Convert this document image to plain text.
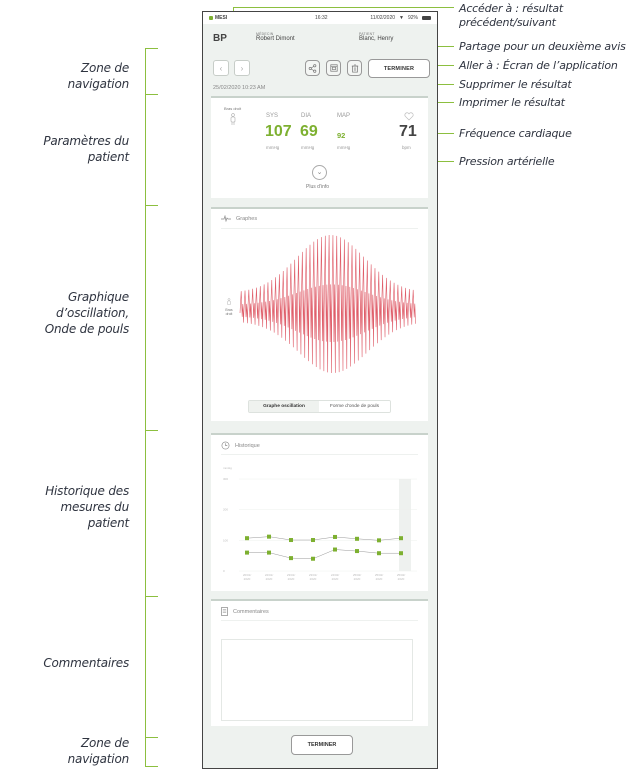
Zone de
navigation
Paramètres du
patient
Graphique
d’oscillation,
Onde de pouls
Historique des
mesures du
patient
Commentaires
Zone de
navigation
Accéder à : résultat
précédent/suivant
Partage pour un deuxième avis
Aller à : Écran de l’application
Supprimer le résultat
Imprimer le résultat
Fréquence cardiaque
Pression artérielle
MESI	16:32	11/02/2020 ▼ 92%
BP	MÉDECIN
Robert Dimont
PATIENT
Blanc, Henry
‹ ›	TERMINER
25/02/2020 10:23 AM
Bras droit
SYS	DIA	MAP
107 69	92	71
mmHg	mmHg	mmHg	bpm
⌄
Plus d’info
Graphes
Bras droit
Graphe oscillation	Forme d’onde de pouls
Historique
mmHg
300
200
100
0
20/01/
2020
22/01/
2020
23/01/
2020
23/01/
2020
24/02/
2020
25/02/
2020
25/02/
2020
25/02/
2020
Commentaires
TERMINER
